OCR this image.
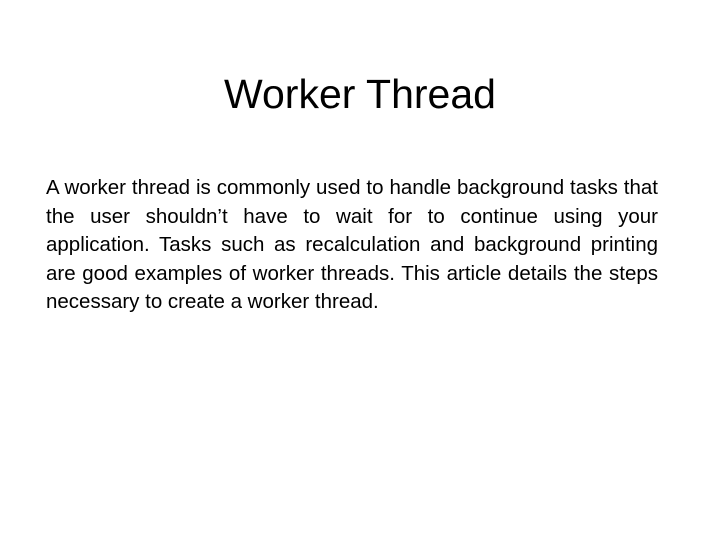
Worker Thread

A worker thread is commonly used to handle background tasks that the user shouldn’t have to wait for to continue using your application. Tasks such as recalculation and background printing are good examples of worker threads. This article details the steps necessary to create a worker thread.
